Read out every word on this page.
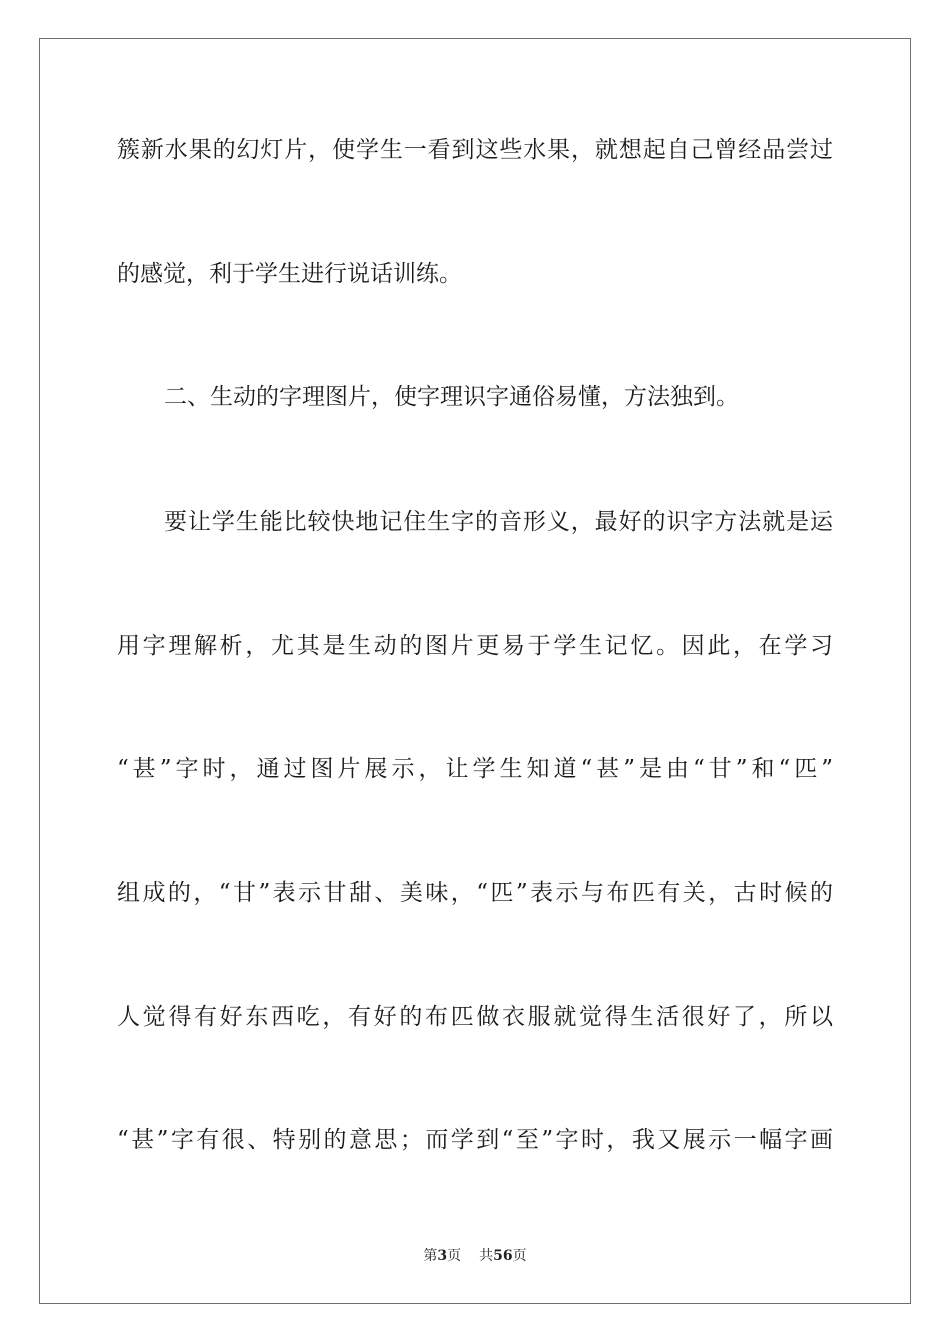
簇新水果的幻灯片，使学生一看到这些水果，就想起自己曾经品尝过
的感觉，利于学生进行说话训练。
二、生动的字理图片，使字理识字通俗易懂，方法独到。
要让学生能比较快地记住生字的音形义，最好的识字方法就是运
用字理解析，尤其是生动的图片更易于学生记忆。因此，在学习
“甚”字时，通过图片展示，让学生知道“甚”是由“甘”和“匹”
组成的，“甘”表示甘甜、美味，“匹”表示与布匹有关，古时候的
人觉得有好东西吃，有好的布匹做衣服就觉得生活很好了，所以
“甚”字有很、特别的意思；而学到“至”字时，我又展示一幅字画
第3页 共56页
